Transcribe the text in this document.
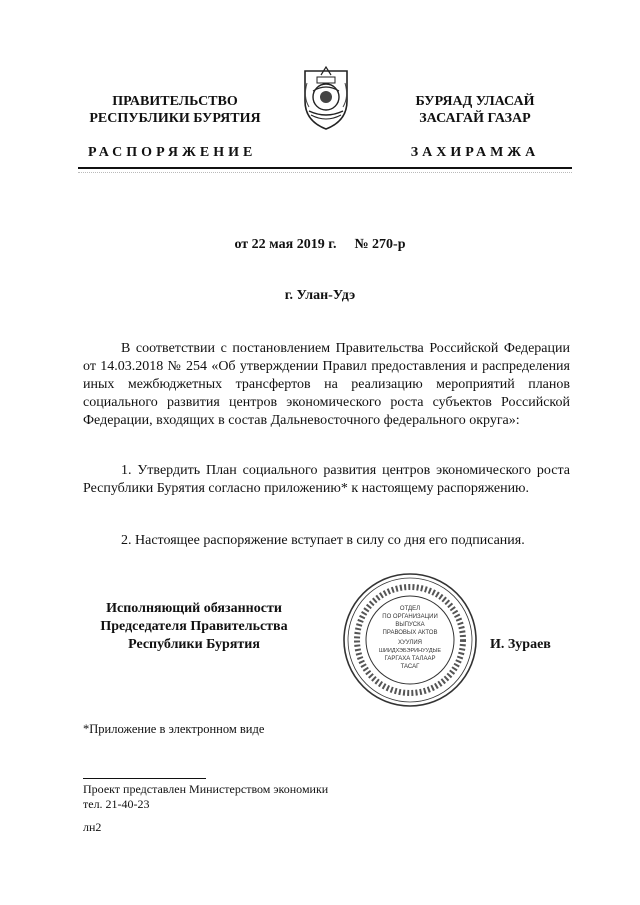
ПРАВИТЕЛЬСТВО
РЕСПУБЛИКИ БУРЯТИЯ
БУРЯАД УЛАСАЙ
ЗАСАГАЙ ГАЗАР
РАСПОРЯЖЕНИЕ	ЗАХИРАМЖА
от 22 мая 2019 г. № 270-р
г. Улан-Удэ
В соответствии с постановлением Правительства Российской Федерации от 14.03.2018 № 254 «Об утверждении Правил предоставления и распределения иных межбюджетных трансфертов на реализацию мероприятий планов социального развития центров экономического роста субъектов Российской Федерации, входящих в состав Дальневосточного федерального округа»:
1. Утвердить План социального развития центров экономического роста Республики Бурятия согласно приложению* к настоящему распоряжению.
2. Настоящее распоряжение вступает в силу со дня его подписания.
Исполняющий обязанности
Председателя Правительства
Республики Бурятия
ОТДЕЛ
ПО ОРГАНИЗАЦИИ
ВЫПУСКА
ПРАВОВЫХ АКТОВ
ХУУЛИЯ
ШИИДХЭБЭРИНУУДЫЕ
ГАРГАХА ТАЛААР
ТАСАГ
И. Зураев
*Приложение в электронном виде
Проект представлен Министерством экономики
тел. 21-40-23
лн2
